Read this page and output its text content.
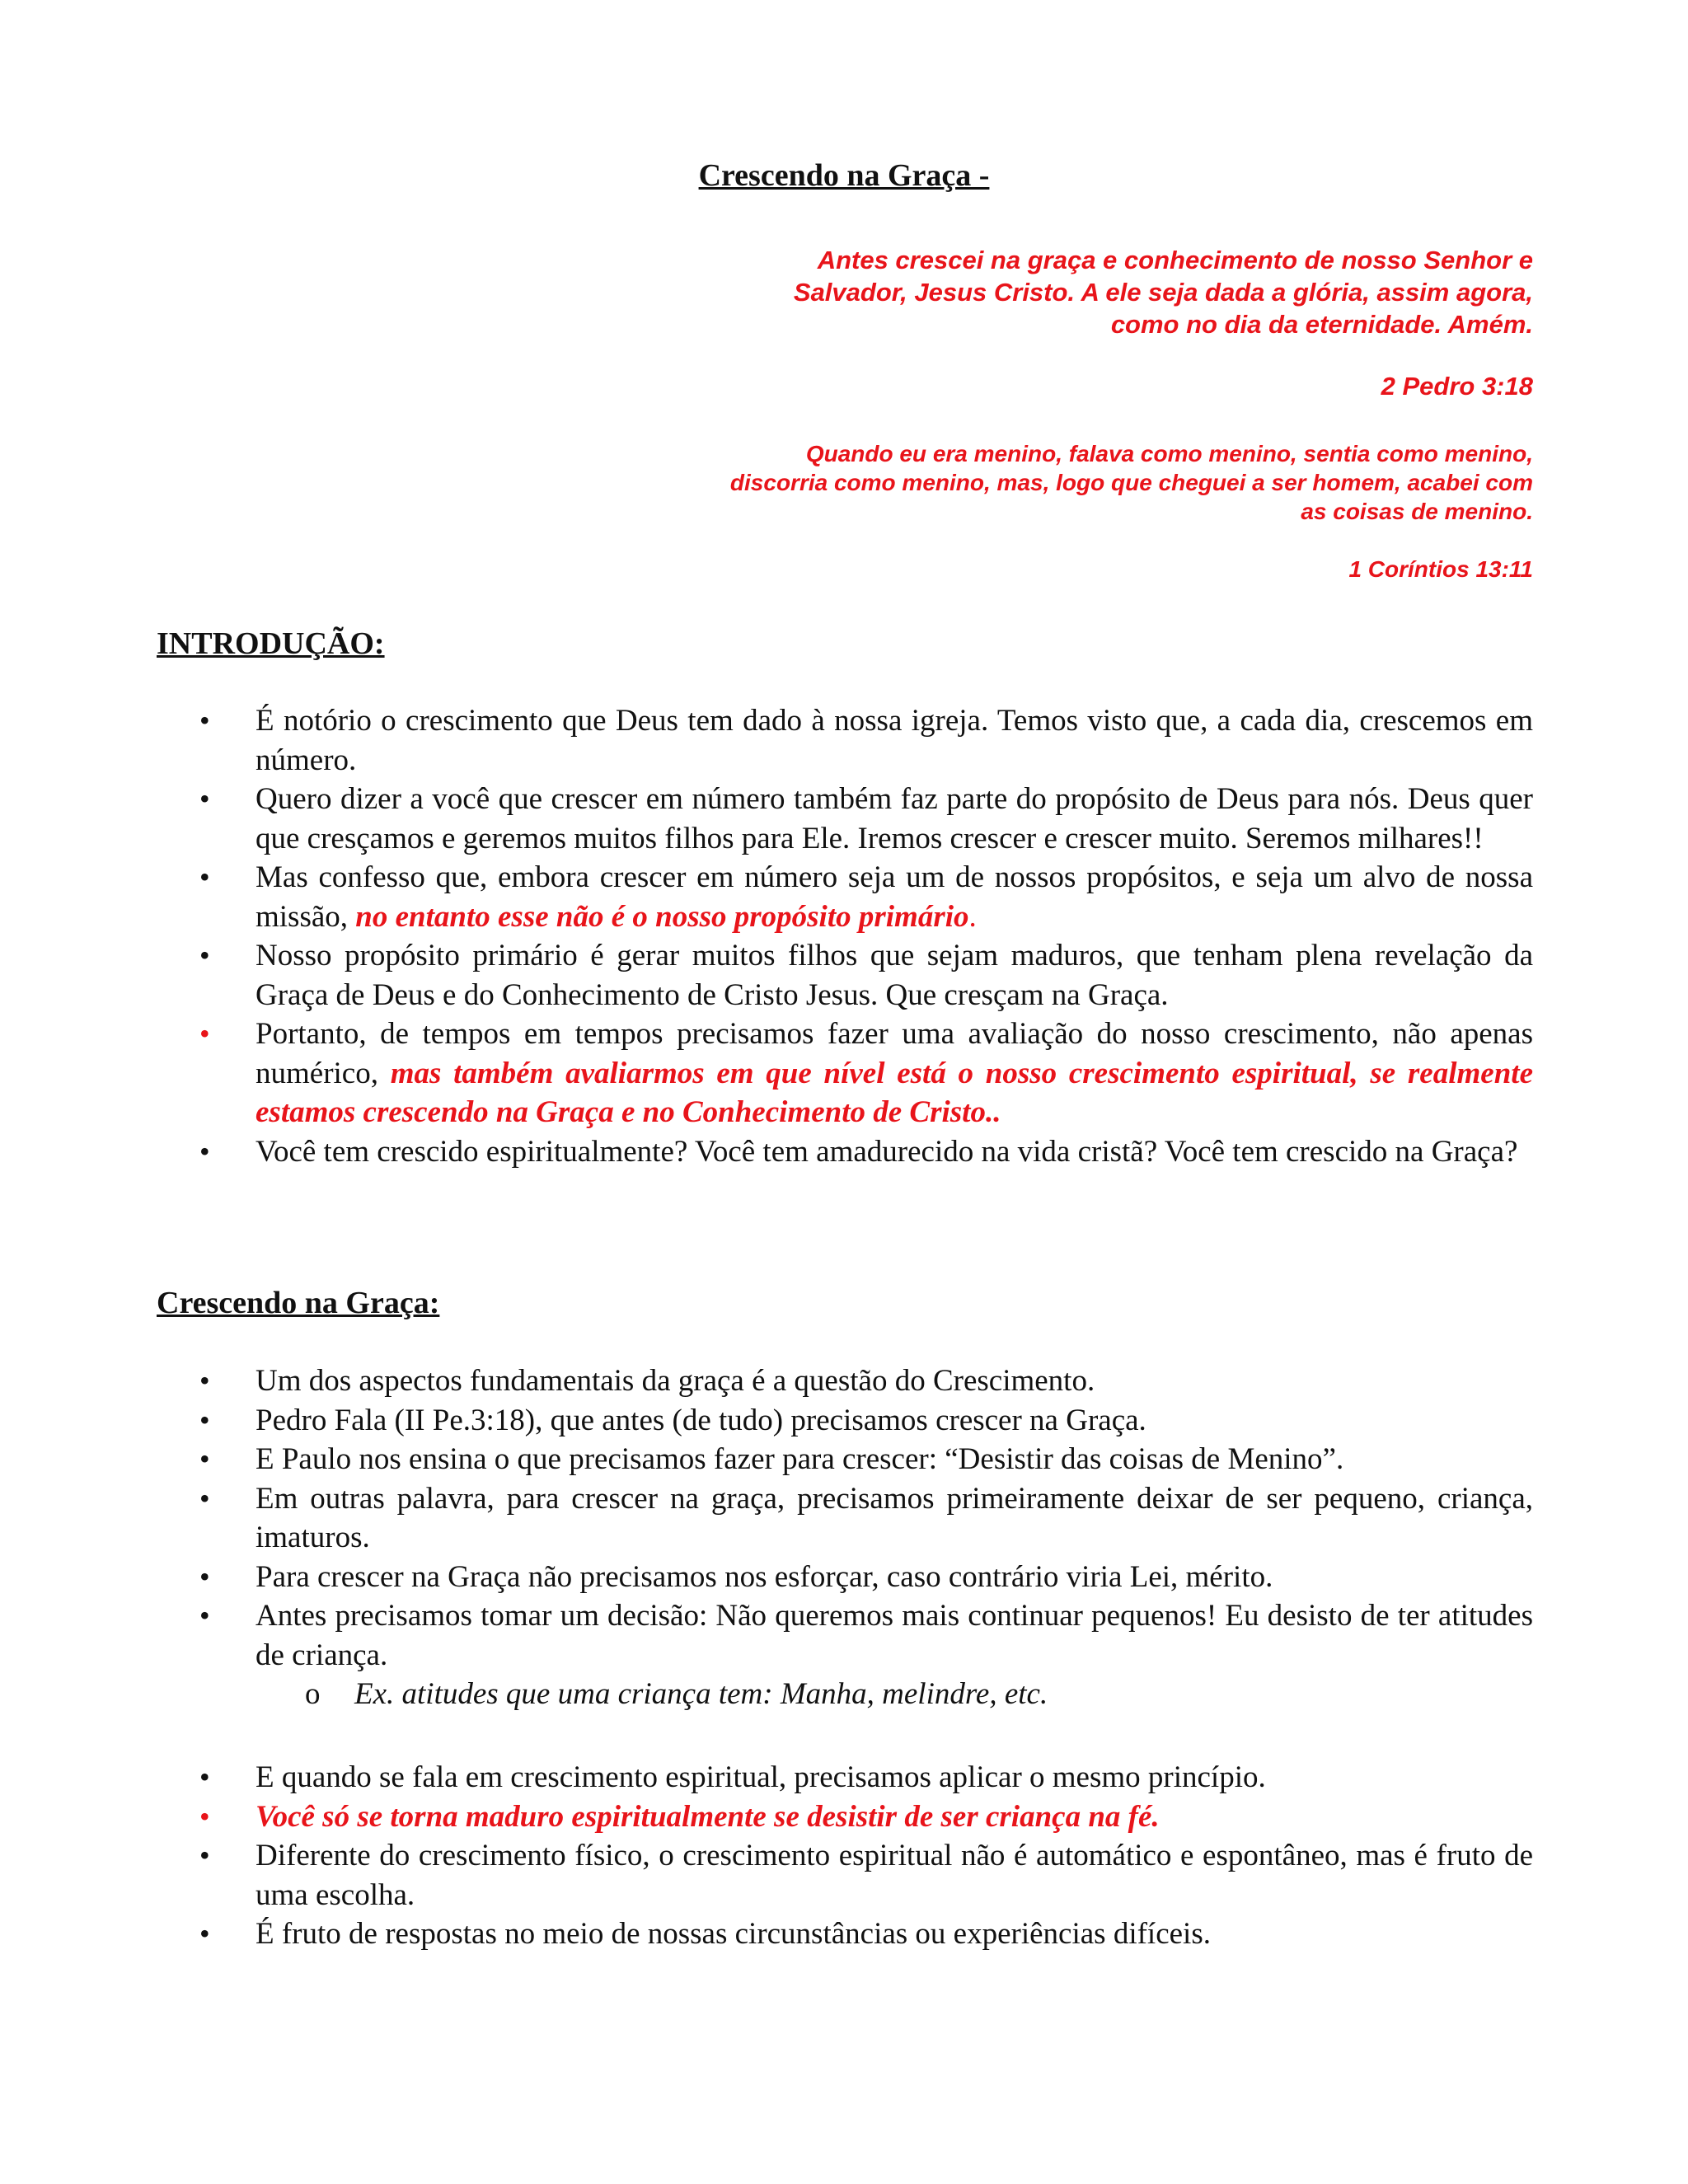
Crescendo na Graça -
Antes crescei na graça e conhecimento de nosso Senhor e
Salvador, Jesus Cristo. A ele seja dada a glória, assim agora,
como no dia da eternidade. Amém.
2 Pedro 3:18
Quando eu era menino, falava como menino, sentia como menino,
discorria como menino, mas, logo que cheguei a ser homem, acabei com
as coisas de menino.
1 Coríntios 13:11
INTRODUÇÃO:
• É notório o crescimento que Deus tem dado à nossa igreja. Temos visto que, a cada dia, crescemos em número.
• Quero dizer a você que crescer em número também faz parte do propósito de Deus para nós. Deus quer que cresçamos e geremos muitos filhos para Ele. Iremos crescer e crescer muito. Seremos milhares!!
• Mas confesso que, embora crescer em número seja um de nossos propósitos, e seja um alvo de nossa missão, no entanto esse não é o nosso propósito primário.
• Nosso propósito primário é gerar muitos filhos que sejam maduros, que tenham plena revelação da Graça de Deus e do Conhecimento de Cristo Jesus. Que cresçam na Graça.
• Portanto, de tempos em tempos precisamos fazer uma avaliação do nosso crescimento, não apenas numérico, mas também avaliarmos em que nível está o nosso crescimento espiritual, se realmente estamos crescendo na Graça e no Conhecimento de Cristo..
• Você tem crescido espiritualmente? Você tem amadurecido na vida cristã? Você tem crescido na Graça?
Crescendo na Graça:
• Um dos aspectos fundamentais da graça é a questão do Crescimento.
• Pedro Fala (II Pe.3:18), que antes (de tudo) precisamos crescer na Graça.
• E Paulo nos ensina o que precisamos fazer para crescer: “Desistir das coisas de Menino”.
• Em outras palavra, para crescer na graça, precisamos primeiramente deixar de ser pequeno, criança, imaturos.
• Para crescer na Graça não precisamos nos esforçar, caso contrário viria Lei, mérito.
• Antes precisamos tomar um decisão: Não queremos mais continuar pequenos! Eu desisto de ter atitudes de criança.
o Ex. atitudes que uma criança tem: Manha, melindre, etc.
• E quando se fala em crescimento espiritual, precisamos aplicar o mesmo princípio.
• Você só se torna maduro espiritualmente se desistir de ser criança na fé.
• Diferente do crescimento físico, o crescimento espiritual não é automático e espontâneo, mas é fruto de uma escolha.
• É fruto de respostas no meio de nossas circunstâncias ou experiências difíceis.
